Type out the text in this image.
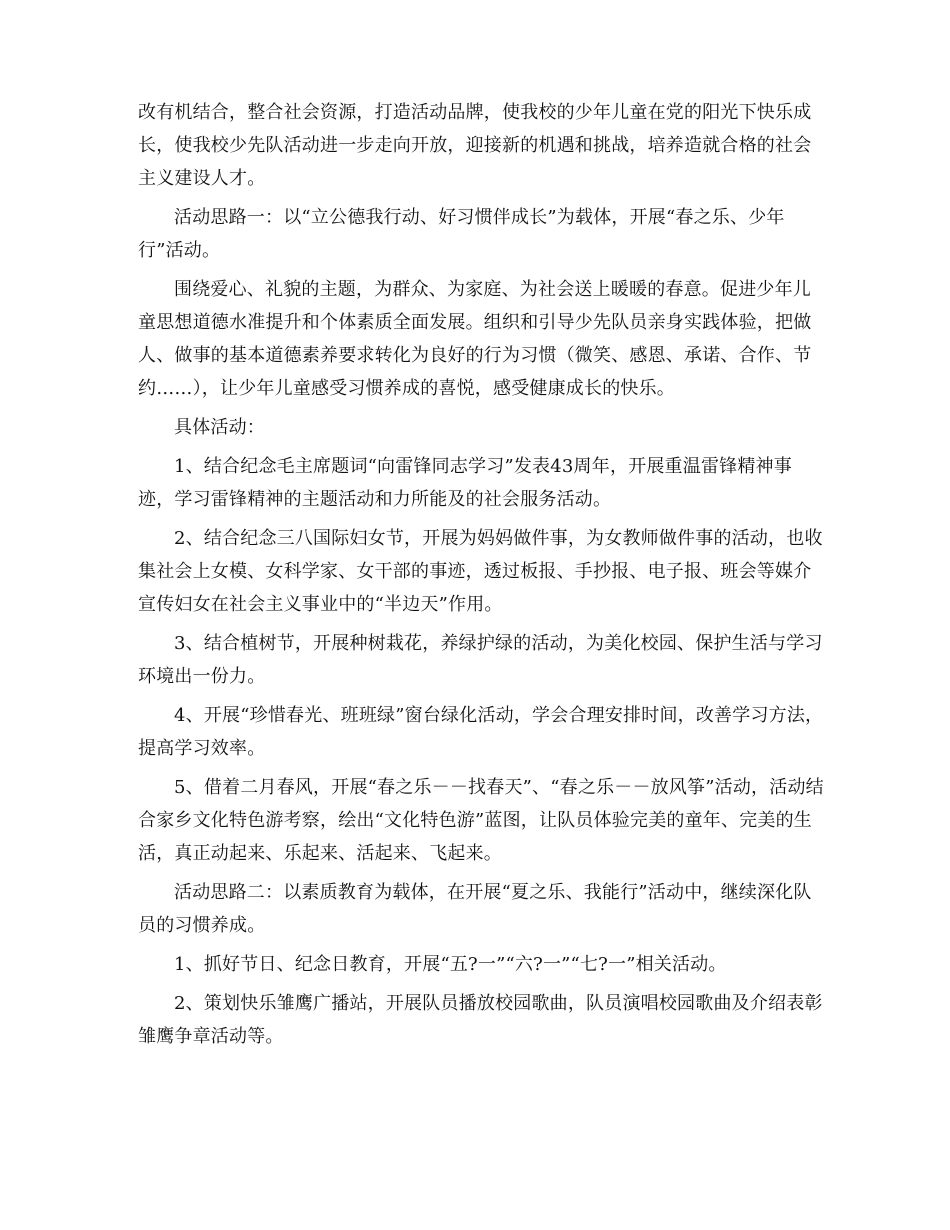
改有机结合，整合社会资源，打造活动品牌，使我校的少年儿童在党的阳光下快乐成长，使我校少先队活动进一步走向开放，迎接新的机遇和挑战，培养造就合格的社会主义建设人才。

活动思路一：以“立公德我行动、好习惯伴成长”为载体，开展“春之乐、少年行”活动。

围绕爱心、礼貌的主题，为群众、为家庭、为社会送上暖暖的春意。促进少年儿童思想道德水准提升和个体素质全面发展。组织和引导少先队员亲身实践体验，把做人、做事的基本道德素养要求转化为良好的行为习惯（微笑、感恩、承诺、合作、节约……），让少年儿童感受习惯养成的喜悦，感受健康成长的快乐。

具体活动：

1、结合纪念毛主席题词“向雷锋同志学习”发表43周年，开展重温雷锋精神事迹，学习雷锋精神的主题活动和力所能及的社会服务活动。

2、结合纪念三八国际妇女节，开展为妈妈做件事，为女教师做件事的活动，也收集社会上女模、女科学家、女干部的事迹，透过板报、手抄报、电子报、班会等媒介宣传妇女在社会主义事业中的“半边天”作用。

3、结合植树节，开展种树栽花，养绿护绿的活动，为美化校园、保护生活与学习环境出一份力。

4、开展“珍惜春光、班班绿”窗台绿化活动，学会合理安排时间，改善学习方法，提高学习效率。

5、借着二月春风，开展“春之乐－－找春天”、“春之乐－－放风筝”活动，活动结合家乡文化特色游考察，绘出“文化特色游”蓝图，让队员体验完美的童年、完美的生活，真正动起来、乐起来、活起来、飞起来。

活动思路二：以素质教育为载体，在开展“夏之乐、我能行”活动中，继续深化队员的习惯养成。

1、抓好节日、纪念日教育，开展“五?一”“六?一”“七?一”相关活动。

2、策划快乐雏鹰广播站，开展队员播放校园歌曲，队员演唱校园歌曲及介绍表彰雏鹰争章活动等。
